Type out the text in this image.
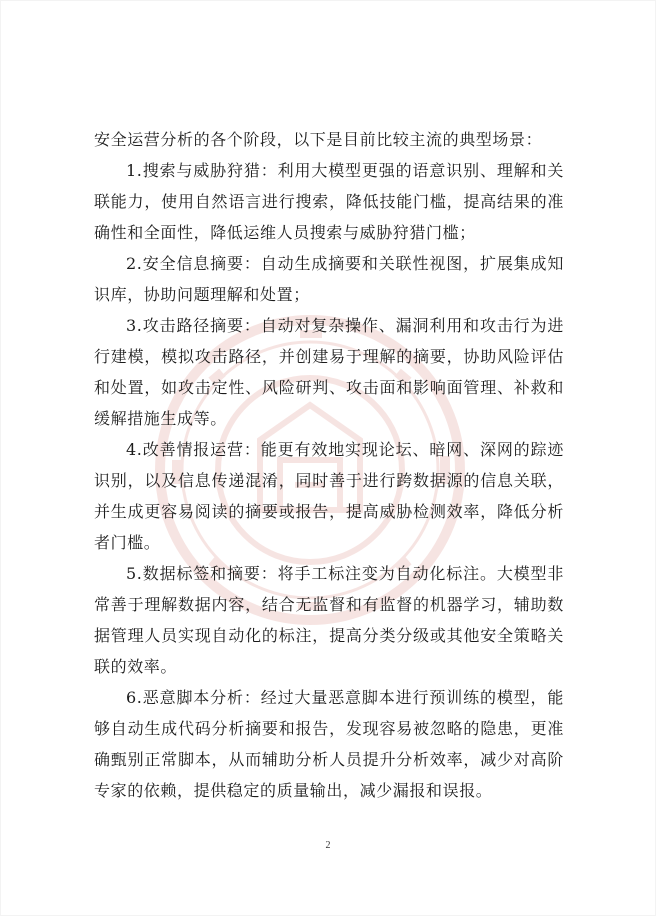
安全运营分析的各个阶段，以下是目前比较主流的典型场景：

1.搜索与威胁狩猎：利用大模型更强的语意识别、理解和关联能力，使用自然语言进行搜索，降低技能门槛，提高结果的准确性和全面性，降低运维人员搜索与威胁狩猎门槛；

2.安全信息摘要：自动生成摘要和关联性视图，扩展集成知识库，协助问题理解和处置；

3.攻击路径摘要：自动对复杂操作、漏洞利用和攻击行为进行建模，模拟攻击路径，并创建易于理解的摘要，协助风险评估和处置，如攻击定性、风险研判、攻击面和影响面管理、补救和缓解措施生成等。

4.改善情报运营：能更有效地实现论坛、暗网、深网的踪迹识别，以及信息传递混淆，同时善于进行跨数据源的信息关联，并生成更容易阅读的摘要或报告，提高威胁检测效率，降低分析者门槛。

5.数据标签和摘要：将手工标注变为自动化标注。大模型非常善于理解数据内容，结合无监督和有监督的机器学习，辅助数据管理人员实现自动化的标注，提高分类分级或其他安全策略关联的效率。

6.恶意脚本分析：经过大量恶意脚本进行预训练的模型，能够自动生成代码分析摘要和报告，发现容易被忽略的隐患，更准确甄别正常脚本，从而辅助分析人员提升分析效率，减少对高阶专家的依赖，提供稳定的质量输出，减少漏报和误报。

2
